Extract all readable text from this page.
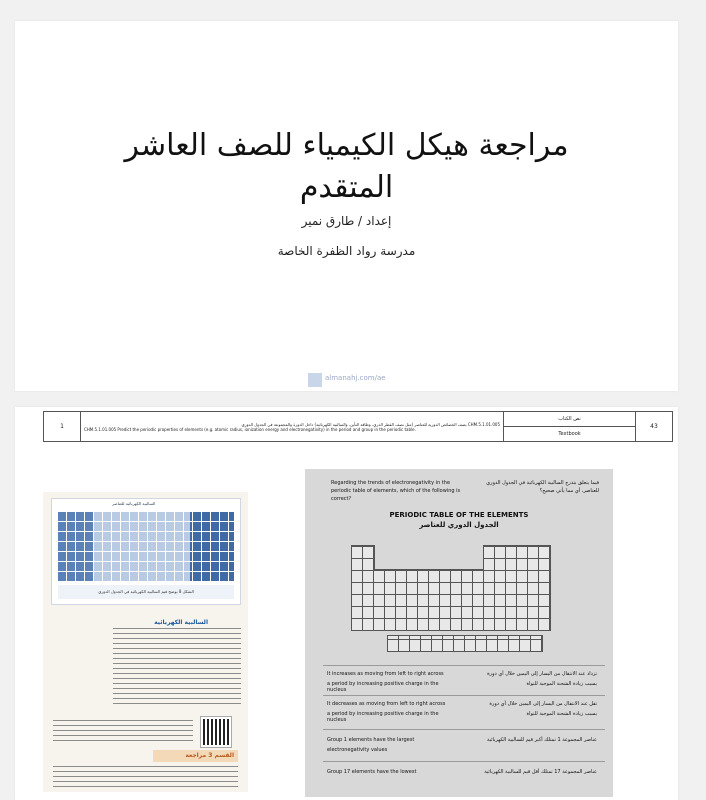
مراجعة هيكل الكيمياء للصف العاشر المتقدم
إعداد / طارق نمير
مدرسة رواد الظفرة الخاصة
almanahj.com/ae
1	CHM.5.1.01.005 يصف الخصائص الدورية للعناصر (مثل نصف القطر الذري، وطاقة التأين، والسالبية الكهربائية) داخل الدورة والمجموعة في الجدول الدوري
CHM.5.1.01.005 Predict the periodic properties of elements (e.g. atomic radius, ionization energy and electronegativity) in the period and group in the periodic table.
	نص الكتاب	43
Textbook
السالبية الكهربائية للعناصر
الشكل 8 يوضح قيم السالبية الكهربائية في الجدول الدوري
السالبية الكهربائية
القسم 3 مراجعة
Regarding the trends of electronegativity in the periodic table of elements, which of the following is correct?
فيما يتعلق بتدرج السالبية الكهربائية في الجدول الدوري للعناصر، أي مما يأتي صحيح؟
PERIODIC TABLE OF THE ELEMENTS
الجدول الدوري للعناصر
It increases as moving from left to right across
a period by increasing positive charge in the nucleus
تزداد عند الانتقال من اليسار إلى اليمين خلال أي دورة
بسبب زيادة الشحنة الموجبة للنواة
It decreases as moving from left to right across
a period by increasing positive charge in the nucleus
تقل عند الانتقال من اليسار إلى اليمين خلال أي دورة
بسبب زيادة الشحنة الموجبة للنواة
Group 1 elements have the largest
electronegativity values
عناصر المجموعة 1 تمتلك أكبر قيم للسالبية الكهربائية
Group 17 elements have the lowest	عناصر المجموعة 17 تمتلك أقل قيم للسالبية الكهربائية
